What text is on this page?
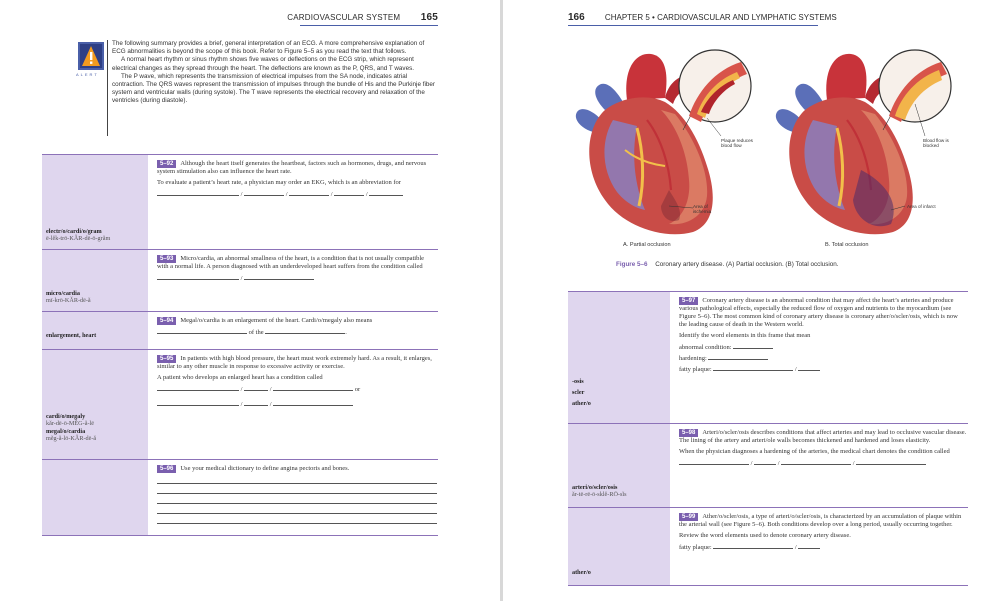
CARDIOVASCULAR SYSTEM 165
ALERT

The following summary provides a brief, general interpretation of an ECG. A more comprehensive explanation of ECG abnormalities is beyond the scope of this book. Refer to Figure 5–5 as you read the text that follows.

A normal heart rhythm or sinus rhythm shows five waves or deflections on the ECG strip, which represent electrical changes as they spread through the heart. The deflections are known as the P, QRS, and T waves.

The P wave, which represents the transmission of electrical impulses from the SA node, indicates atrial contraction. The QRS waves represent the transmission of impulses through the bundle of His and the Purkinje fiber system and ventricular walls (during systole). The T wave represents the electrical recovery and relaxation of the ventricles (during diastole).

electr/o/cardi/o/gram
ē-lĕk-trō-KĂR-dē-ō-grăm

5–92 Although the heart itself generates the heartbeat, factors such as hormones, drugs, and nervous system stimulation also can influence the heart rate.

To evaluate a patient’s heart rate, a physician may order an EKG, which is an abbreviation for

/	/	/	/

micro/cardia
mī-krō-KĂR-dē-ă

5–93 Micro/cardia, an abnormal smallness of the heart, is a condition that is not usually compatible with a normal life. A person diagnosed with an underdeveloped heart suffers from the condition called

/

enlargement, heart

5–94 Megal/o/cardia is an enlargement of the heart. Cardi/o/megaly also means

of the	.

cardi/o/megaly
kăr-dē-ō-MĔG-ă-lē
megal/o/cardia
mĕg-ă-lō-KĂR-dē-ă

5–95 In patients with high blood pressure, the heart must work extremely hard. As a result, it enlarges, similar to any other muscle in response to excessive activity or exercise.

A patient who develops an enlarged heart has a condition called

/	/	or

/	/

5–96 Use your medical dictionary to define angina pectoris and bones.

166	CHAPTER 5 • CARDIOVASCULAR AND LYMPHATIC SYSTEMS
Plaque reduces blood flow
Area of ischemia
Blood flow is blocked
Area of infarct
A. Partial occlusion	B. Total occlusion
Figure 5–6 Coronary artery disease. (A) Partial occlusion. (B) Total occlusion.
-osis
scler
ather/o

5–97 Coronary artery disease is an abnormal condition that may affect the heart’s arteries and produce various pathological effects, especially the reduced flow of oxygen and nutrients to the myocardium (see Figure 5–6). The most common kind of coronary artery disease is coronary ather/o/scler/osis, which is now the leading cause of death in the Western world.

Identify the word elements in this frame that mean

abnormal condition:

hardening:

fatty plaque:	/

arteri/o/scler/osis
ăr-tē-rē-ō-sklĕ-RŌ-sĭs

5–98 Arteri/o/scler/osis describes conditions that affect arteries and may lead to occlusive vascular disease. The lining of the artery and arteri/ole walls becomes thickened and hardened and loses elasticity.

When the physician diagnoses a hardening of the arteries, the medical chart denotes the condition called

/	/	/

ather/o

5–99 Ather/o/scler/osis, a type of arteri/o/scler/osis, is characterized by an accumulation of plaque within the arterial wall (see Figure 5–6). Both conditions develop over a long period, usually occurring together.

Review the word elements used to denote coronary artery disease.

fatty plaque:	/
